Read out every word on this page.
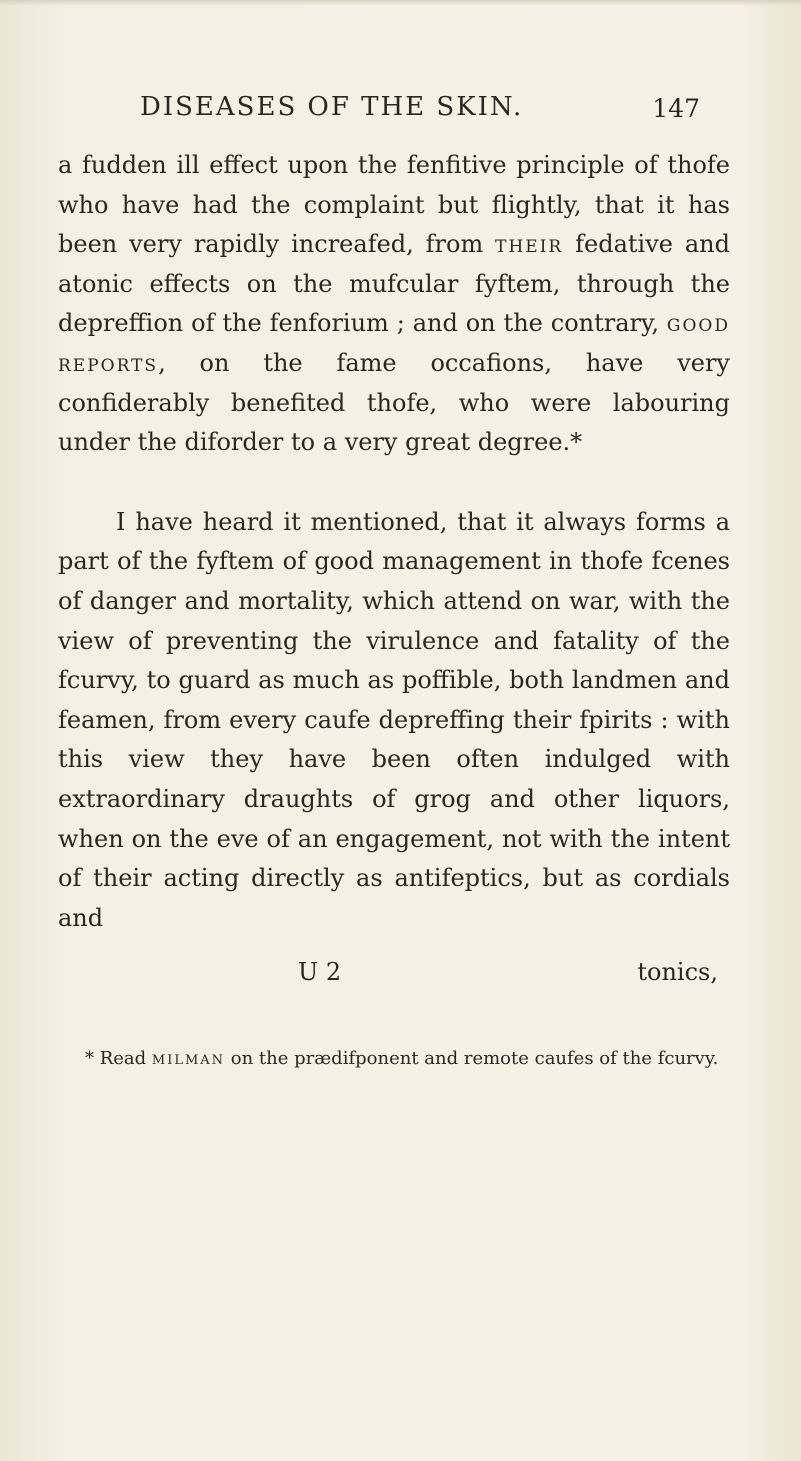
DISEASES OF THE SKIN.	147

a fudden ill effect upon the fenfitive principle of thofe who have had the complaint but flightly, that it has been very rapidly increafed, from their fedative and atonic effects on the mufcular fyftem, through the depreffion of the fenforium ; and on the contrary, good reports, on the fame occafions, have very confiderably benefited thofe, who were labouring under the diforder to a very great degree.*

I have heard it mentioned, that it always forms a part of the fyftem of good management in thofe fcenes of danger and mortality, which attend on war, with the view of preventing the virulence and fatality of the fcurvy, to guard as much as poffible, both landmen and feamen, from every caufe depreffing their fpirits : with this view they have been often indulged with extraordinary draughts of grog and other liquors, when on the eve of an engagement, not with the intent of their acting directly as antifeptics, but as cordials and

U 2	tonics,

* Read milman on the prædifponent and remote caufes of the fcurvy.
